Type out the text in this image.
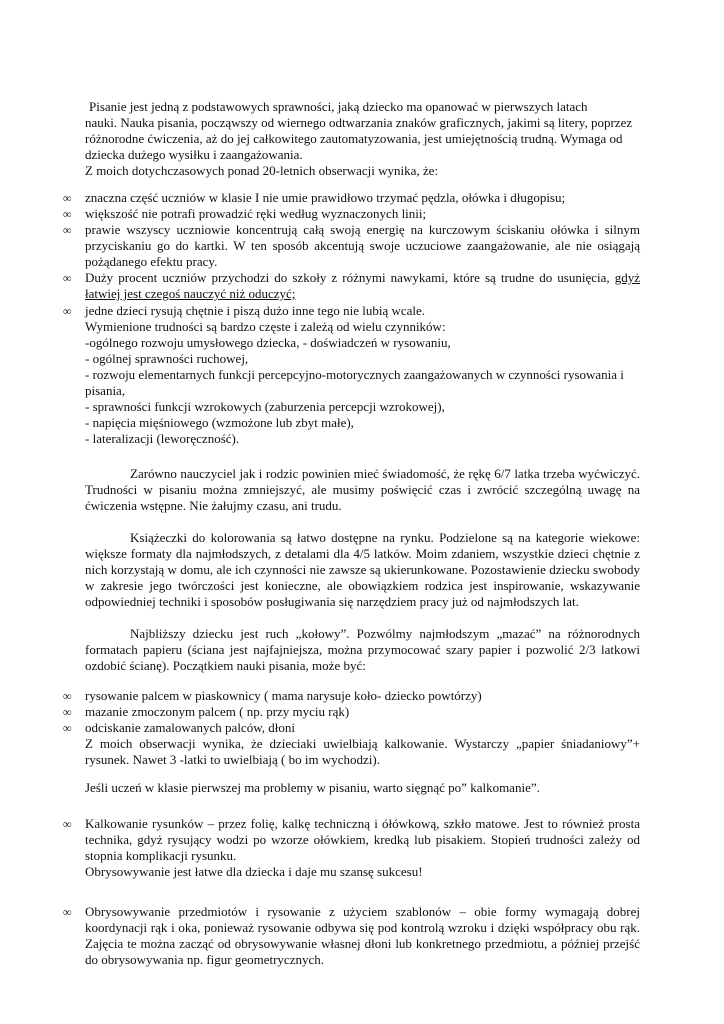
Pisanie jest jedną z podstawowych sprawności, jaką dziecko ma opanować w pierwszych latach

nauki. Nauka pisania, począwszy od wiernego odtwarzania znaków graficznych, jakimi są litery, poprzez

różnorodne ćwiczenia, aż do jej całkowitego zautomatyzowania, jest umiejętnością trudną. Wymaga od

dziecka dużego wysiłku i zaangażowania.

Z moich dotychczasowych ponad 20-letnich obserwacji wynika, że:

∞	znaczna część uczniów w klasie I nie umie prawidłowo trzymać pędzla, ołówka i długopisu;

∞	większość nie potrafi prowadzić ręki według wyznaczonych linii;

∞	prawie wszyscy uczniowie koncentrują całą swoją energię na kurczowym ściskaniu ołówka i silnym przyciskaniu go do kartki. W ten sposób akcentują swoje uczuciowe zaangażowanie, ale nie osiągają pożądanego efektu pracy.

∞	Duży procent uczniów przychodzi do szkoły z różnymi nawykami, które są trudne do usunięcia, gdyż łatwiej jest czegoś nauczyć niż oduczyć;

∞	jedne dzieci rysują chętnie i piszą dużo inne tego nie lubią wcale.

Wymienione trudności są bardzo częste i zależą od wielu czynników:

-ogólnego rozwoju umysłowego dziecka, - doświadczeń w rysowaniu,

- ogólnej sprawności ruchowej,

- rozwoju elementarnych funkcji percepcyjno-motorycznych zaangażowanych w czynności rysowania i pisania,

- sprawności funkcji wzrokowych (zaburzenia percepcji wzrokowej),

- napięcia mięśniowego (wzmożone lub zbyt małe),

- lateralizacji (leworęczność).

Zarówno nauczyciel jak i rodzic powinien mieć świadomość, że rękę 6/7 latka trzeba wyćwiczyć. Trudności w pisaniu można zmniejszyć, ale musimy poświęcić czas i zwrócić szczególną uwagę na ćwiczenia wstępne. Nie żałujmy czasu, ani trudu.

Książeczki do kolorowania są łatwo dostępne na rynku. Podzielone są na kategorie wiekowe: większe formaty dla najmłodszych, z detalami dla 4/5 latków. Moim zdaniem, wszystkie dzieci chętnie z nich korzystają w domu, ale ich czynności nie zawsze są ukierunkowane. Pozostawienie dziecku swobody w zakresie jego twórczości jest konieczne, ale obowiązkiem rodzica jest inspirowanie, wskazywanie odpowiedniej techniki i sposobów posługiwania się narzędziem pracy już od najmłodszych lat.

Najbliższy dziecku jest ruch „kołowy”. Pozwólmy najmłodszym „mazać” na różnorodnych formatach papieru (ściana jest najfajniejsza, można przymocować szary papier i pozwolić 2/3 latkowi ozdobić ścianę). Początkiem nauki pisania, może być:

∞	rysowanie palcem w piaskownicy ( mama narysuje koło- dziecko powtórzy)

∞	mazanie zmoczonym palcem ( np. przy myciu rąk)

∞	odciskanie zamalowanych palców, dłoni

Z moich obserwacji wynika, że dzieciaki uwielbiają kalkowanie. Wystarczy „papier śniadaniowy”+ rysunek. Nawet 3 -latki to uwielbiają ( bo im wychodzi).

Jeśli uczeń w klasie pierwszej ma problemy w pisaniu, warto sięgnąć po” kalkomanie”.

∞	Kalkowanie rysunków – przez folię, kalkę techniczną i ółówkową, szkło matowe. Jest to również prosta technika, gdyż rysujący wodzi po wzorze ołówkiem, kredką lub pisakiem. Stopień trudności zależy od stopnia komplikacji rysunku.

Obrysowywanie jest łatwe dla dziecka i daje mu szansę sukcesu!

∞	Obrysowywanie przedmiotów i rysowanie z użyciem szablonów – obie formy wymagają dobrej koordynacji rąk i oka, ponieważ rysowanie odbywa się pod kontrolą wzroku i dzięki współpracy obu rąk. Zajęcia te można zacząć od obrysowywanie własnej dłoni lub konkretnego przedmiotu, a później przejść do obrysowywania np. figur geometrycznych.
